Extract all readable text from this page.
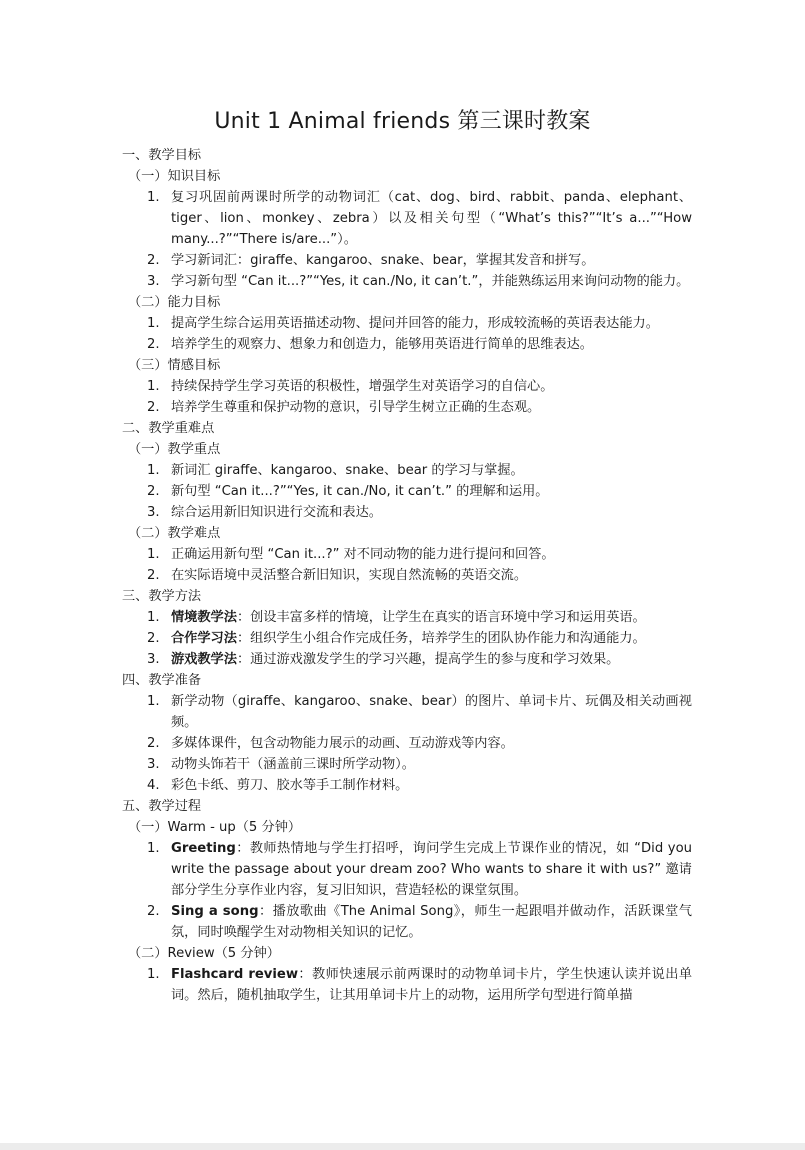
Unit 1 Animal friends 第三课时教案
一、教学目标
（一）知识目标
1. 复习巩固前两课时所学的动物词汇（cat、dog、bird、rabbit、panda、elephant、tiger、lion、monkey、zebra）以及相关句型（“What’s this?”“It’s a...”“How many...?”“There is/are...”）。
2. 学习新词汇：giraffe、kangaroo、snake、bear，掌握其发音和拼写。
3. 学习新句型 “Can it...?”“Yes, it can./No, it can’t.”，并能熟练运用来询问动物的能力。
（二）能力目标
1. 提高学生综合运用英语描述动物、提问并回答的能力，形成较流畅的英语表达能力。
2. 培养学生的观察力、想象力和创造力，能够用英语进行简单的思维表达。
（三）情感目标
1. 持续保持学生学习英语的积极性，增强学生对英语学习的自信心。
2. 培养学生尊重和保护动物的意识，引导学生树立正确的生态观。
二、教学重难点
（一）教学重点
1. 新词汇 giraffe、kangaroo、snake、bear 的学习与掌握。
2. 新句型 “Can it...?”“Yes, it can./No, it can’t.” 的理解和运用。
3. 综合运用新旧知识进行交流和表达。
（二）教学难点
1. 正确运用新句型 “Can it...?” 对不同动物的能力进行提问和回答。
2. 在实际语境中灵活整合新旧知识，实现自然流畅的英语交流。
三、教学方法
1. 情境教学法：创设丰富多样的情境，让学生在真实的语言环境中学习和运用英语。
2. 合作学习法：组织学生小组合作完成任务，培养学生的团队协作能力和沟通能力。
3. 游戏教学法：通过游戏激发学生的学习兴趣，提高学生的参与度和学习效果。
四、教学准备
1. 新学动物（giraffe、kangaroo、snake、bear）的图片、单词卡片、玩偶及相关动画视频。
2. 多媒体课件，包含动物能力展示的动画、互动游戏等内容。
3. 动物头饰若干（涵盖前三课时所学动物）。
4. 彩色卡纸、剪刀、胶水等手工制作材料。
五、教学过程
（一）Warm - up（5 分钟）
1. Greeting：教师热情地与学生打招呼，询问学生完成上节课作业的情况，如 “Did you write the passage about your dream zoo? Who wants to share it with us?” 邀请部分学生分享作业内容，复习旧知识，营造轻松的课堂氛围。
2. Sing a song：播放歌曲《The Animal Song》，师生一起跟唱并做动作，活跃课堂气氛，同时唤醒学生对动物相关知识的记忆。
（二）Review（5 分钟）
1. Flashcard review：教师快速展示前两课时的动物单词卡片，学生快速认读并说出单词。然后，随机抽取学生，让其用单词卡片上的动物，运用所学句型进行简单描
